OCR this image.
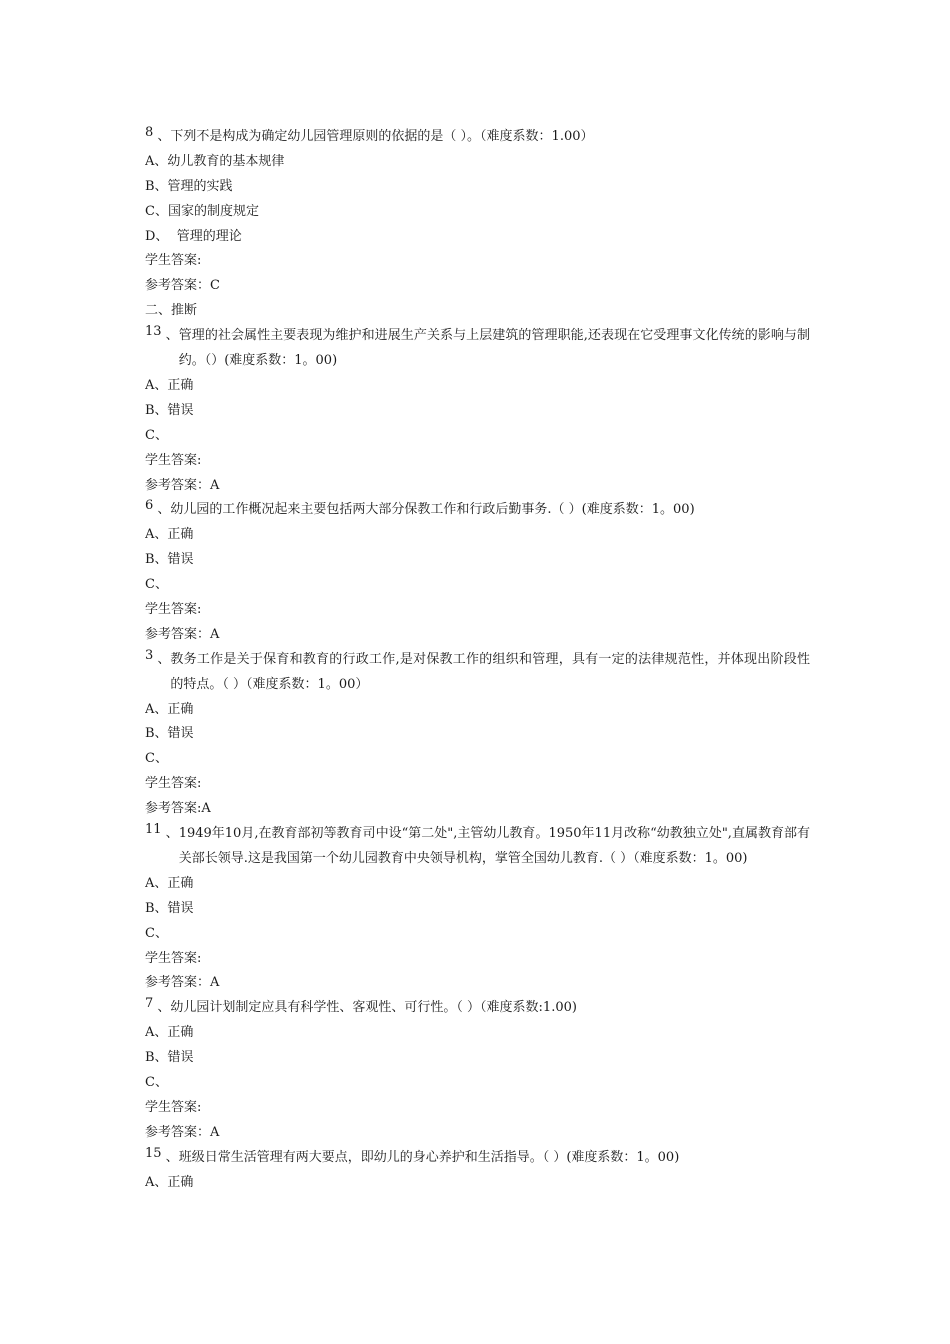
8 、 下列不是构成为确定幼儿园管理原则的依据的是（ ）。（难度系数：1.00）
A、幼儿教育的基本规律
B、管理的实践
C、国家的制度规定
D、  管理的理论
学生答案:
参考答案：C
二、推断
13 、 管理的社会属性主要表现为维护和进展生产关系与上层建筑的管理职能,还表现在它受理事文化传统的影响与制约。（）(难度系数：1。00)
A、正确
B、错误
C、
学生答案:
参考答案：A
6 、 幼儿园的工作概况起来主要包括两大部分保教工作和行政后勤事务.（ ）(难度系数：1。00)
A、正确
B、错误
C、
学生答案:
参考答案：A
3 、 教务工作是关于保育和教育的行政工作,是对保教工作的组织和管理，具有一定的法律规范性，并体现出阶段性的特点。（ ）（难度系数：1。00）
A、正确
B、错误
C、
学生答案:
参考答案:A
11 、 1949年10月,在教育部初等教育司中设“第二处",主管幼儿教育。1950年11月改称“幼教独立处",直属教育部有关部长领导.这是我国第一个幼儿园教育中央领导机构，掌管全国幼儿教育.（ ）（难度系数：1。00)
A、正确
B、错误
C、
学生答案:
参考答案：A
7 、 幼儿园计划制定应具有科学性、客观性、可行性。（ ）（难度系数:1.00)
A、正确
B、错误
C、
学生答案:
参考答案：A
15 、 班级日常生活管理有两大要点，即幼儿的身心养护和生活指导。（ ）(难度系数：1。00)
A、正确
